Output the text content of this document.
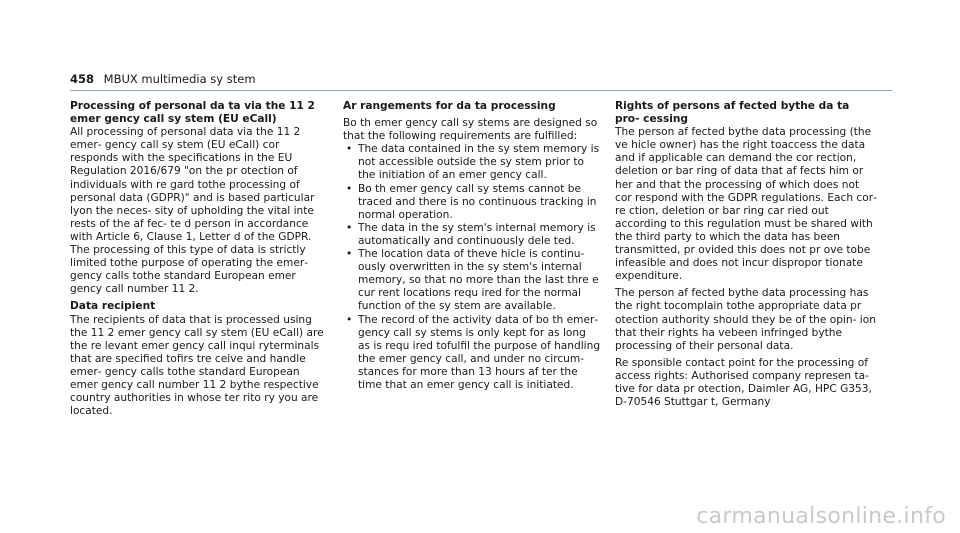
458 MBUX multimedia sy stem

Processing of personal da ta via the 11 2 emer gency call sy stem (EU eCall)

All processing of personal data via the 11 2 emer‐ gency call sy stem (EU eCall) cor responds with the specifications in the EU Regulation 2016/679 "on the pr otection of individuals with re gard tothe processing of personal data (GDPR)" and is based particular lyon the neces‐ sity of upholding the vital inte rests of the af fec‐ te d person in accordance with Article 6, Clause 1, Letter d of the GDPR.

The processing of this type of data is strictly limited tothe purpose of operating the emer‐ gency calls tothe standard European emer gency call number 11 2.

Data recipient

The recipients of data that is processed using the 11 2 emer gency call sy stem (EU eCall) are the re levant emer gency call inqui ryterminals that are specified tofirs tre ceive and handle emer‐ gency calls tothe standard European emer gency call number 11 2 bythe respective country authorities in whose ter rito ry you are located.

Ar rangements for da ta processing

Bo th emer gency call sy stems are designed so that the following requirements are fulfilled:

• The data contained in the sy stem memory is not accessible outside the sy stem prior to the initiation of an emer gency call.
• Bo th emer gency call sy stems cannot be traced and there is no continuous tracking in normal operation.
• The data in the sy stem's internal memory is automatically and continuously dele ted.
• The location data of theve hicle is continu‐ ously overwritten in the sy stem's internal memory, so that no more than the last thre e cur rent locations requ ired for the normal function of the sy stem are available.
• The record of the activity data of bo th emer‐ gency call sy stems is only kept for as long as is requ ired tofulfil the purpose of handling the emer gency call, and under no circum‐ stances for more than 13 hours af ter the time that an emer gency call is initiated.

Rights of persons af fected bythe da ta pro‐ cessing

The person af fected bythe data processing (the ve hicle owner) has the right toaccess the data and if applicable can demand the cor rection, deletion or bar ring of data that af fects him or her and that the processing of which does not cor respond with the GDPR regulations. Each cor‐ re ction, deletion or bar ring car ried out according to this regulation must be shared with the third party to which the data has been transmitted, pr ovided this does not pr ove tobe infeasible and does not incur dispropor tionate expenditure.

The person af fected bythe data processing has the right tocomplain tothe appropriate data pr otection authority should they be of the opin‐ ion that their rights ha vebeen infringed bythe processing of their personal data.

Re sponsible contact point for the processing of access rights: Authorised company represen ta‐ tive for data pr otection, Daimler AG, HPC G353, D-70546 Stuttgar t, Germany

carmanualsonline.info
